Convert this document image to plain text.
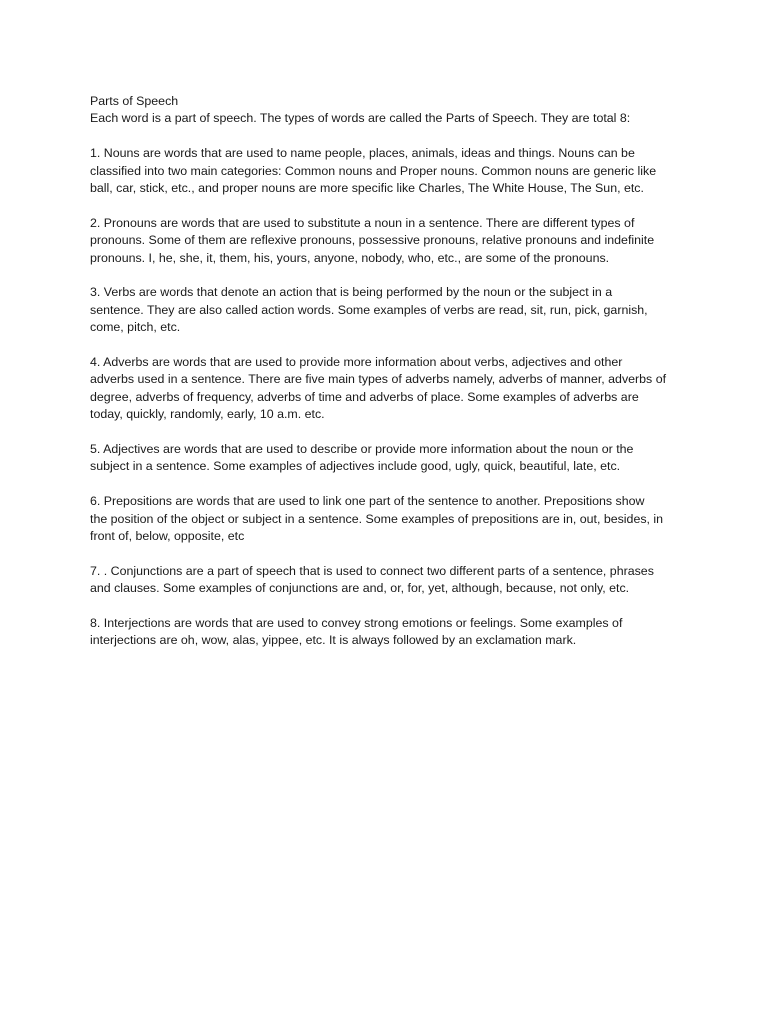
Parts of Speech

Each word is a part of speech. The types of words are called the Parts of Speech. They are total 8:

1. Nouns are words that are used to name people, places, animals, ideas and things. Nouns can be
classified into two main categories: Common nouns and Proper nouns. Common nouns are generic like
ball, car, stick, etc., and proper nouns are more specific like Charles, The White House, The Sun, etc.
2. Pronouns are words that are used to substitute a noun in a sentence. There are different types of
pronouns. Some of them are reflexive pronouns, possessive pronouns, relative pronouns and indefinite
pronouns. I, he, she, it, them, his, yours, anyone, nobody, who, etc., are some of the pronouns.
3. Verbs are words that denote an action that is being performed by the noun or the subject in a
sentence. They are also called action words. Some examples of verbs are read, sit, run, pick, garnish,
come, pitch, etc.
4. Adverbs are words that are used to provide more information about verbs, adjectives and other
adverbs used in a sentence. There are five main types of adverbs namely, adverbs of manner, adverbs of
degree, adverbs of frequency, adverbs of time and adverbs of place. Some examples of adverbs are
today, quickly, randomly, early, 10 a.m. etc.
5. Adjectives are words that are used to describe or provide more information about the noun or the
subject in a sentence. Some examples of adjectives include good, ugly, quick, beautiful, late, etc.
6. Prepositions are words that are used to link one part of the sentence to another. Prepositions show
the position of the object or subject in a sentence. Some examples of prepositions are in, out, besides, in
front of, below, opposite, etc
7. . Conjunctions are a part of speech that is used to connect two different parts of a sentence, phrases
and clauses. Some examples of conjunctions are and, or, for, yet, although, because, not only, etc.
8. Interjections are words that are used to convey strong emotions or feelings. Some examples of
interjections are oh, wow, alas, yippee, etc. It is always followed by an exclamation mark.
